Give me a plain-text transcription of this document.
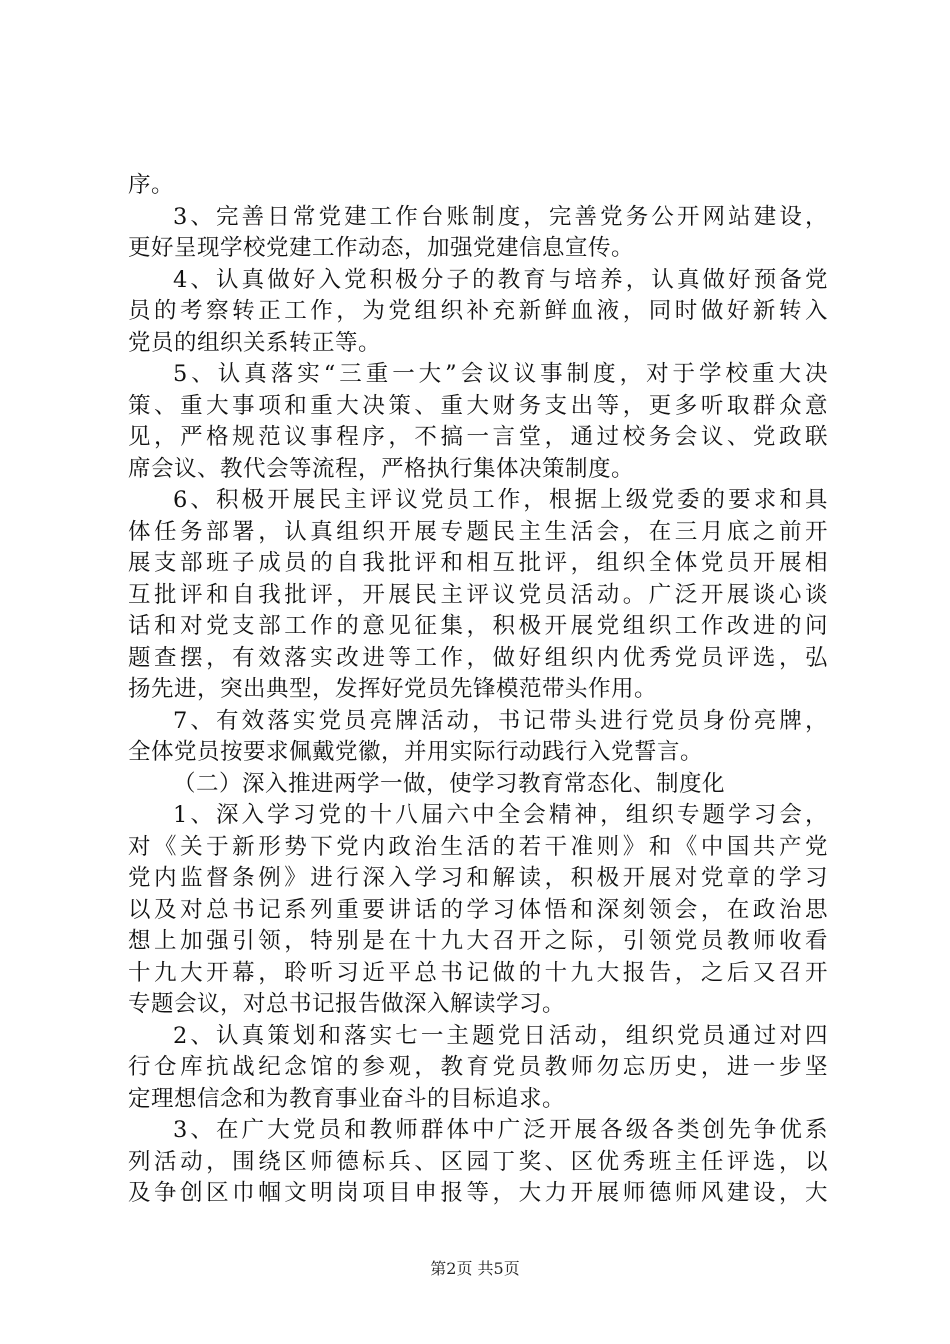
序。
3、完善日常党建工作台账制度，完善党务公开网站建设，
更好呈现学校党建工作动态，加强党建信息宣传。
4、认真做好入党积极分子的教育与培养，认真做好预备党
员的考察转正工作，为党组织补充新鲜血液，同时做好新转入
党员的组织关系转正等。
5、认真落实“三重一大”会议议事制度，对于学校重大决
策、重大事项和重大决策、重大财务支出等，更多听取群众意
见，严格规范议事程序，不搞一言堂，通过校务会议、党政联
席会议、教代会等流程，严格执行集体决策制度。
6、积极开展民主评议党员工作，根据上级党委的要求和具
体任务部署，认真组织开展专题民主生活会，在三月底之前开
展支部班子成员的自我批评和相互批评，组织全体党员开展相
互批评和自我批评，开展民主评议党员活动。广泛开展谈心谈
话和对党支部工作的意见征集，积极开展党组织工作改进的问
题查摆，有效落实改进等工作，做好组织内优秀党员评选，弘
扬先进，突出典型，发挥好党员先锋模范带头作用。
7、有效落实党员亮牌活动，书记带头进行党员身份亮牌，
全体党员按要求佩戴党徽，并用实际行动践行入党誓言。
（二）深入推进两学一做，使学习教育常态化、制度化
1、深入学习党的十八届六中全会精神，组织专题学习会，
对《关于新形势下党内政治生活的若干准则》和《中国共产党
党内监督条例》进行深入学习和解读，积极开展对党章的学习
以及对总书记系列重要讲话的学习体悟和深刻领会，在政治思
想上加强引领，特别是在十九大召开之际，引领党员教师收看
十九大开幕，聆听习近平总书记做的十九大报告，之后又召开
专题会议，对总书记报告做深入解读学习。
2、认真策划和落实七一主题党日活动，组织党员通过对四
行仓库抗战纪念馆的参观，教育党员教师勿忘历史，进一步坚
定理想信念和为教育事业奋斗的目标追求。
3、在广大党员和教师群体中广泛开展各级各类创先争优系
列活动，围绕区师德标兵、区园丁奖、区优秀班主任评选，以
及争创区巾帼文明岗项目申报等，大力开展师德师风建设，大
第2页 共5页
